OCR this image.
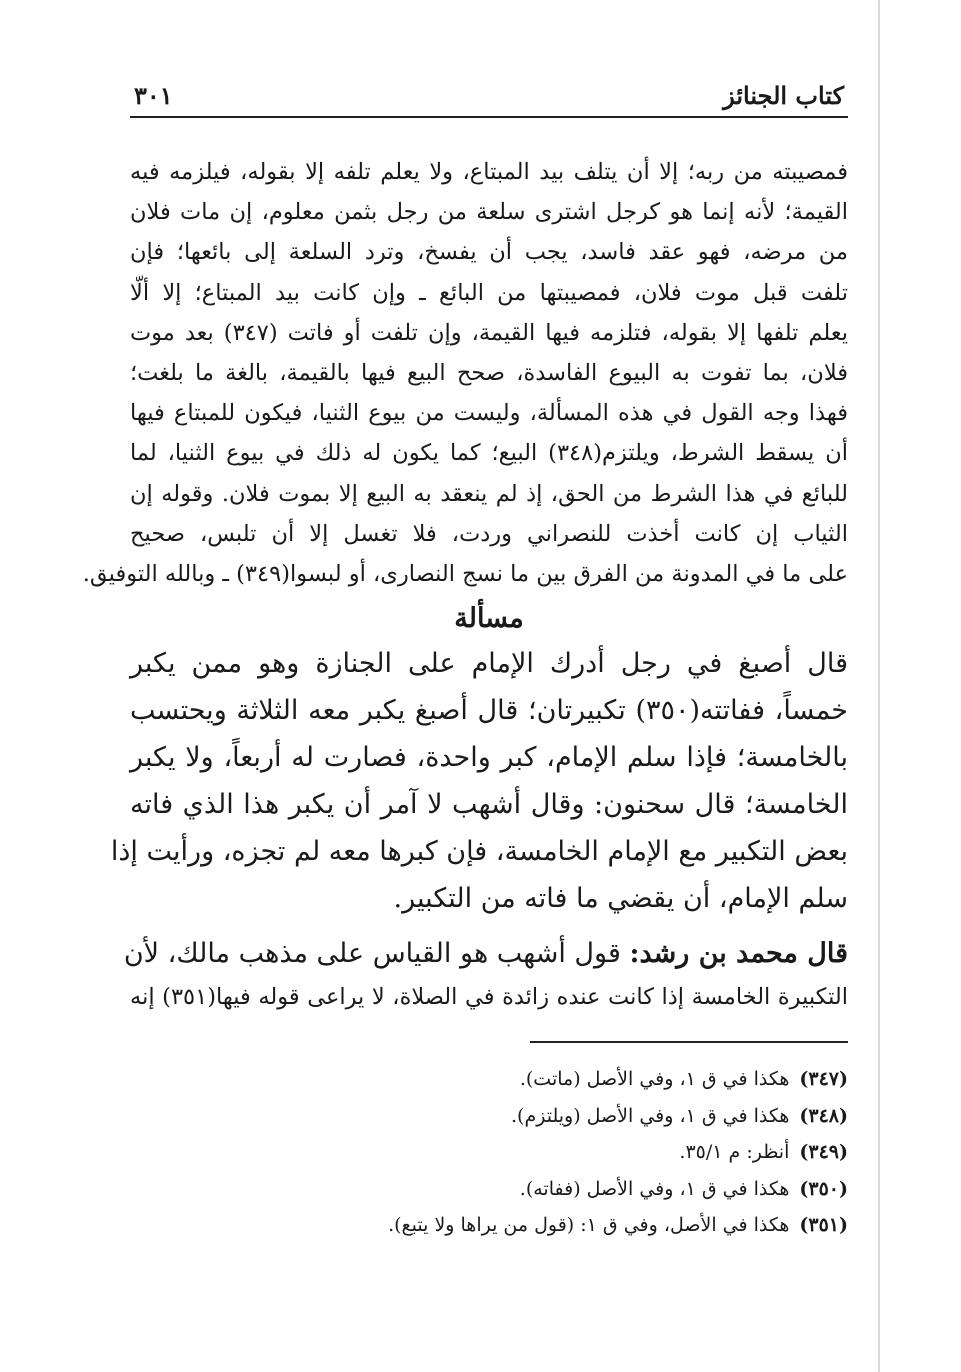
كتاب الجنائز
٣٠١
فمصيبته من ربه؛ إلا أن يتلف بيد المبتاع، ولا يعلم تلفه إلا بقوله، فيلزمه فيه
القيمة؛ لأنه إنما هو كرجل اشترى سلعة من رجل بثمن معلوم، إن مات فلان
من مرضه، فهو عقد فاسد، يجب أن يفسخ، وترد السلعة إلى بائعها؛ فإن
تلفت قبل موت فلان، فمصيبتها من البائع ـ وإن كانت بيد المبتاع؛ إلا ألّا
يعلم تلفها إلا بقوله، فتلزمه فيها القيمة، وإن تلفت أو فاتت (٣٤٧) بعد موت
فلان، بما تفوت به البيوع الفاسدة، صحح البيع فيها بالقيمة، بالغة ما بلغت؛
فهذا وجه القول في هذه المسألة، وليست من بيوع الثنيا، فيكون للمبتاع فيها
أن يسقط الشرط، ويلتزم(٣٤٨) البيع؛ كما يكون له ذلك في بيوع الثنيا، لما
للبائع في هذا الشرط من الحق، إذ لم ينعقد به البيع إلا بموت فلان. وقوله إن
الثياب إن كانت أخذت للنصراني وردت، فلا تغسل إلا أن تلبس، صحيح
على ما في المدونة من الفرق بين ما نسج النصارى، أو لبسوا(٣٤٩) ـ وبالله التوفيق.
مسألة
قال أصبغ في رجل أدرك الإمام على الجنازة وهو ممن يكبر
خمساً، ففاتته(٣٥٠) تكبيرتان؛ قال أصبغ يكبر معه الثلاثة ويحتسب
بالخامسة؛ فإذا سلم الإمام، كبر واحدة، فصارت له أربعاً، ولا يكبر
الخامسة؛ قال سحنون: وقال أشهب لا آمر أن يكبر هذا الذي فاته
بعض التكبير مع الإمام الخامسة، فإن كبرها معه لم تجزه، ورأيت إذا
سلم الإمام، أن يقضي ما فاته من التكبير.
قال محمد بن رشد: قول أشهب هو القياس على مذهب مالك، لأن
التكبيرة الخامسة إذا كانت عنده زائدة في الصلاة، لا يراعى قوله فيها(٣٥١) إنه
(٣٤٧)هكذا في ق ١، وفي الأصل (ماتت).
(٣٤٨)هكذا في ق ١، وفي الأصل (ويلتزم).
(٣٤٩)أنظر: م ٣٥/١.
(٣٥٠)هكذا في ق ١، وفي الأصل (ففاته).
(٣٥١)هكذا في الأصل، وفي ق ١: (قول من يراها ولا يتبع).
